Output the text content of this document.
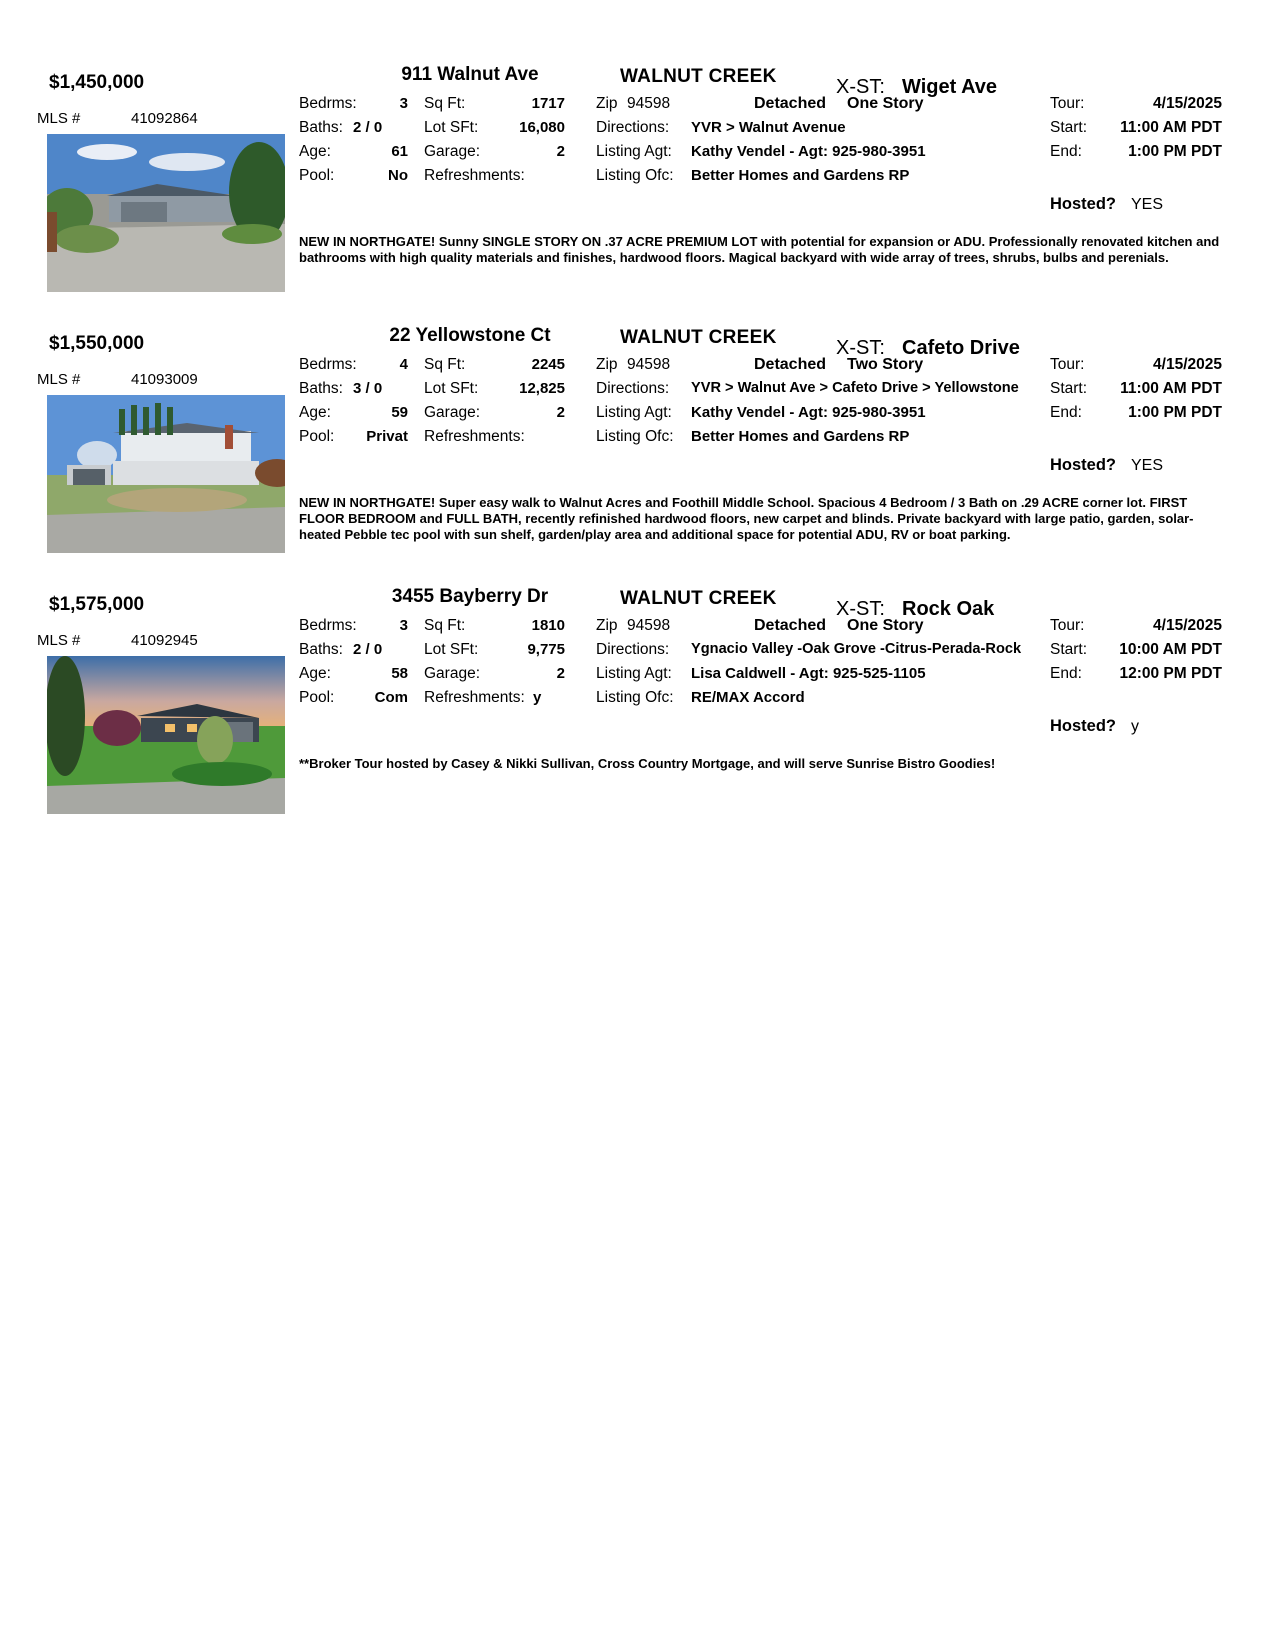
$1,450,000	911 Walnut Ave	WALNUT CREEK	X-ST: Wiget Ave
MLS #	41092864
Bedrms:	3 Sq Ft:	1717
Baths: 2 / 0	Lot SFt:	16,080
Age:	61 Garage:	2
Pool:	No Refreshments:
Zip 94598	Detached One Story
Directions: YVR > Walnut Avenue
Listing Agt: Kathy Vendel - Agt: 925-980-3951
Listing Ofc: Better Homes and Gardens RP
Tour:	4/15/2025
Start:	11:00 AM PDT
End:	1:00 PM PDT
Hosted? YES
NEW IN NORTHGATE! Sunny SINGLE STORY ON .37 ACRE PREMIUM LOT with potential for expansion or ADU. Professionally renovated kitchen and bathrooms with high quality materials and finishes, hardwood floors. Magical backyard with wide array of trees, shrubs, bulbs and perenials.
$1,550,000	22 Yellowstone Ct	WALNUT CREEK	X-ST: Cafeto Drive
MLS #	41093009
Bedrms:	4 Sq Ft:	2245
Baths: 3 / 0	Lot SFt:	12,825
Age:	59 Garage:	2
Pool:	Privat Refreshments:
Zip 94598	Detached Two Story
Directions: YVR > Walnut Ave > Cafeto Drive > Yellowstone
Listing Agt: Kathy Vendel - Agt: 925-980-3951
Listing Ofc: Better Homes and Gardens RP
Tour:	4/15/2025
Start:	11:00 AM PDT
End:	1:00 PM PDT
Hosted? YES
NEW IN NORTHGATE! Super easy walk to Walnut Acres and Foothill Middle School. Spacious 4 Bedroom / 3 Bath on .29 ACRE corner lot. FIRST FLOOR BEDROOM and FULL BATH, recently refinished hardwood floors, new carpet and blinds. Private backyard with large patio, garden, solar-heated Pebble tec pool with sun shelf, garden/play area and additional space for potential ADU, RV or boat parking.
$1,575,000	3455 Bayberry Dr	WALNUT CREEK	X-ST: Rock Oak
MLS #	41092945
Bedrms:	3 Sq Ft:	1810
Baths: 2 / 0	Lot SFt:	9,775
Age:	58 Garage:	2
Pool:	Com Refreshments: y
Zip 94598	Detached One Story
Directions: Ygnacio Valley -Oak Grove -Citrus-Perada-Rock
Listing Agt: Lisa Caldwell - Agt: 925-525-1105
Listing Ofc: RE/MAX Accord
Tour:	4/15/2025
Start:	10:00 AM PDT
End:	12:00 PM PDT
Hosted? y
**Broker Tour hosted by Casey & Nikki Sullivan, Cross Country Mortgage, and will serve Sunrise Bistro Goodies!
